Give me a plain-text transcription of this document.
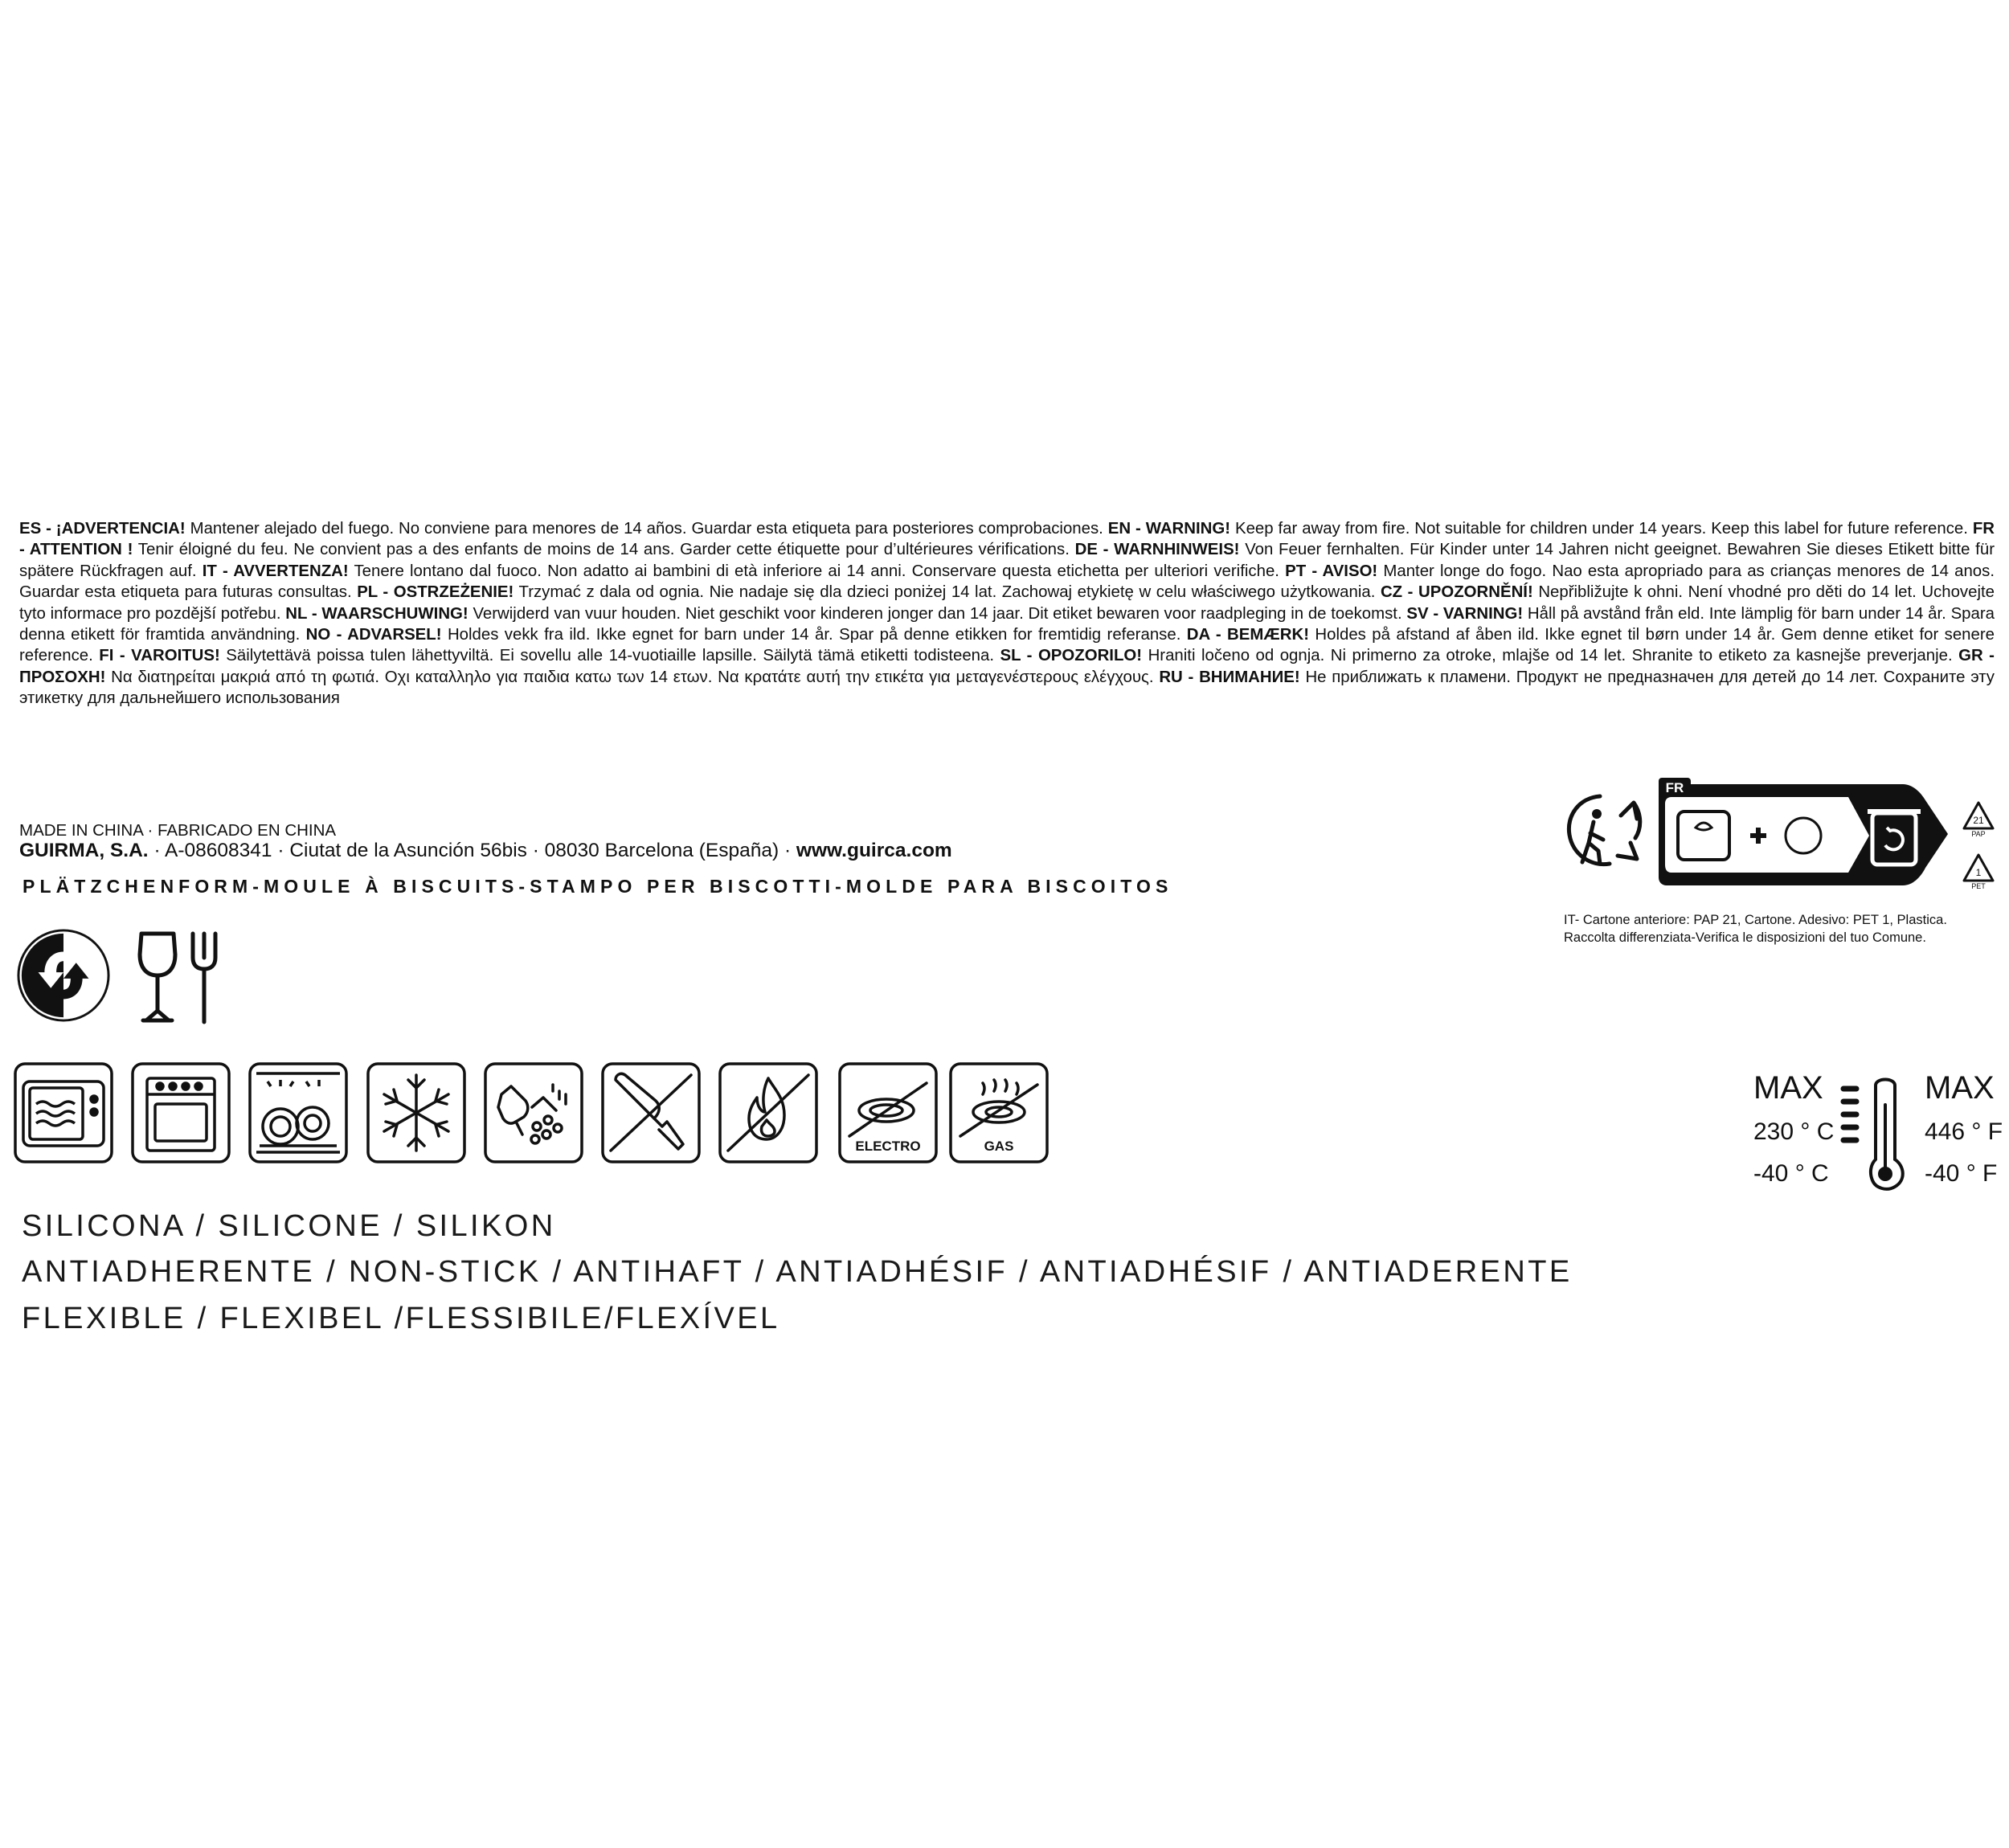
ES - ¡ADVERTENCIA! Mantener alejado del fuego. No conviene para menores de 14 años. Guardar esta etiqueta para posteriores comprobaciones. EN - WARNING! Keep far away from fire. Not suitable for children under 14 years. Keep this label for future reference. FR - ATTENTION ! Tenir éloigné du feu. Ne convient pas a des enfants de moins de 14 ans. Garder cette étiquette pour d’ultérieures vérifications. DE - WARNHINWEIS! Von Feuer fernhalten. Für Kinder unter 14 Jahren nicht geeignet. Bewahren Sie dieses Etikett bitte für spätere Rückfragen auf. IT - AVVERTENZA! Tenere lontano dal fuoco. Non adatto ai bambini di età inferiore ai 14 anni. Conservare questa etichetta per ulteriori verifiche. PT - AVISO! Manter longe do fogo. Nao esta apropriado para as crianças menores de 14 anos. Guardar esta etiqueta para futuras consultas. PL - OSTRZEŻENIE! Trzymać z dala od ognia. Nie nadaje się dla dzieci poniżej 14 lat. Zachowaj etykietę w celu właściwego użytkowania. CZ - UPOZORNĚNÍ! Nepřibližujte k ohni. Není vhodné pro děti do 14 let. Uchovejte tyto informace pro pozdější potřebu. NL - WAARSCHUWING! Verwijderd van vuur houden. Niet geschikt voor kinderen jonger dan 14 jaar. Dit etiket bewaren voor raadpleging in de toekomst. SV - VARNING! Håll på avstånd från eld. Inte lämplig för barn under 14 år. Spara denna etikett för framtida användning. NO - ADVARSEL! Holdes vekk fra ild. Ikke egnet for barn under 14 år. Spar på denne etikken for fremtidig referanse. DA - BEMÆRK! Holdes på afstand af åben ild. Ikke egnet til børn under 14 år. Gem denne etiket for senere reference. FI - VAROITUS! Säilytettävä poissa tulen lähettyviltä. Ei sovellu alle 14-vuotiaille lapsille. Säilytä tämä etiketti todisteena. SL - OPOZORILO! Hraniti ločeno od ognja. Ni primerno za otroke, mlajše od 14 let. Shranite to etiketo za kasnejše preverjanje. GR - ΠΡΟΣΟΧΗ! Να διατηρείται μακριά από τη φωτιά. Οχι καταλληλο για παιδια κατω των 14 ετων. Να κρατάτε αυτή την ετικέτα για μεταγενέστερους ελέγχους. RU - ВНИМАНИЕ! Не приближать к пламени. Продукт не предназначен для детей до 14 лет. Сохраните эту этикетку для дальнейшего использования
MADE IN CHINA · FABRICADO EN CHINA
GUIRMA, S.A. · A-08608341 · Ciutat de la Asunción 56bis · 08030 Barcelona (España) · www.guirca.com
PLÄTZCHENFORM-MOULE À BISCUITS-STAMPO PER BISCOTTI-MOLDE PARA BISCOITOS
ELECTRO	GAS
SILICONA / SILICONE / SILIKON
ANTIADHERENTE / NON-STICK / ANTIHAFT / ANTIADHÉSIF / ANTIADHÉSIF / ANTIADERENTE
FLEXIBLE / FLEXIBEL /FLESSIBILE/FLEXÍVEL
MAX
230 ° C
-40 ° C
MAX
446 ° F
-40 ° F
FR
21
PAP
1
PET
IT- Cartone anteriore: PAP 21, Cartone. Adesivo: PET 1, Plastica.
Raccolta differenziata-Verifica le disposizioni del tuo Comune.
